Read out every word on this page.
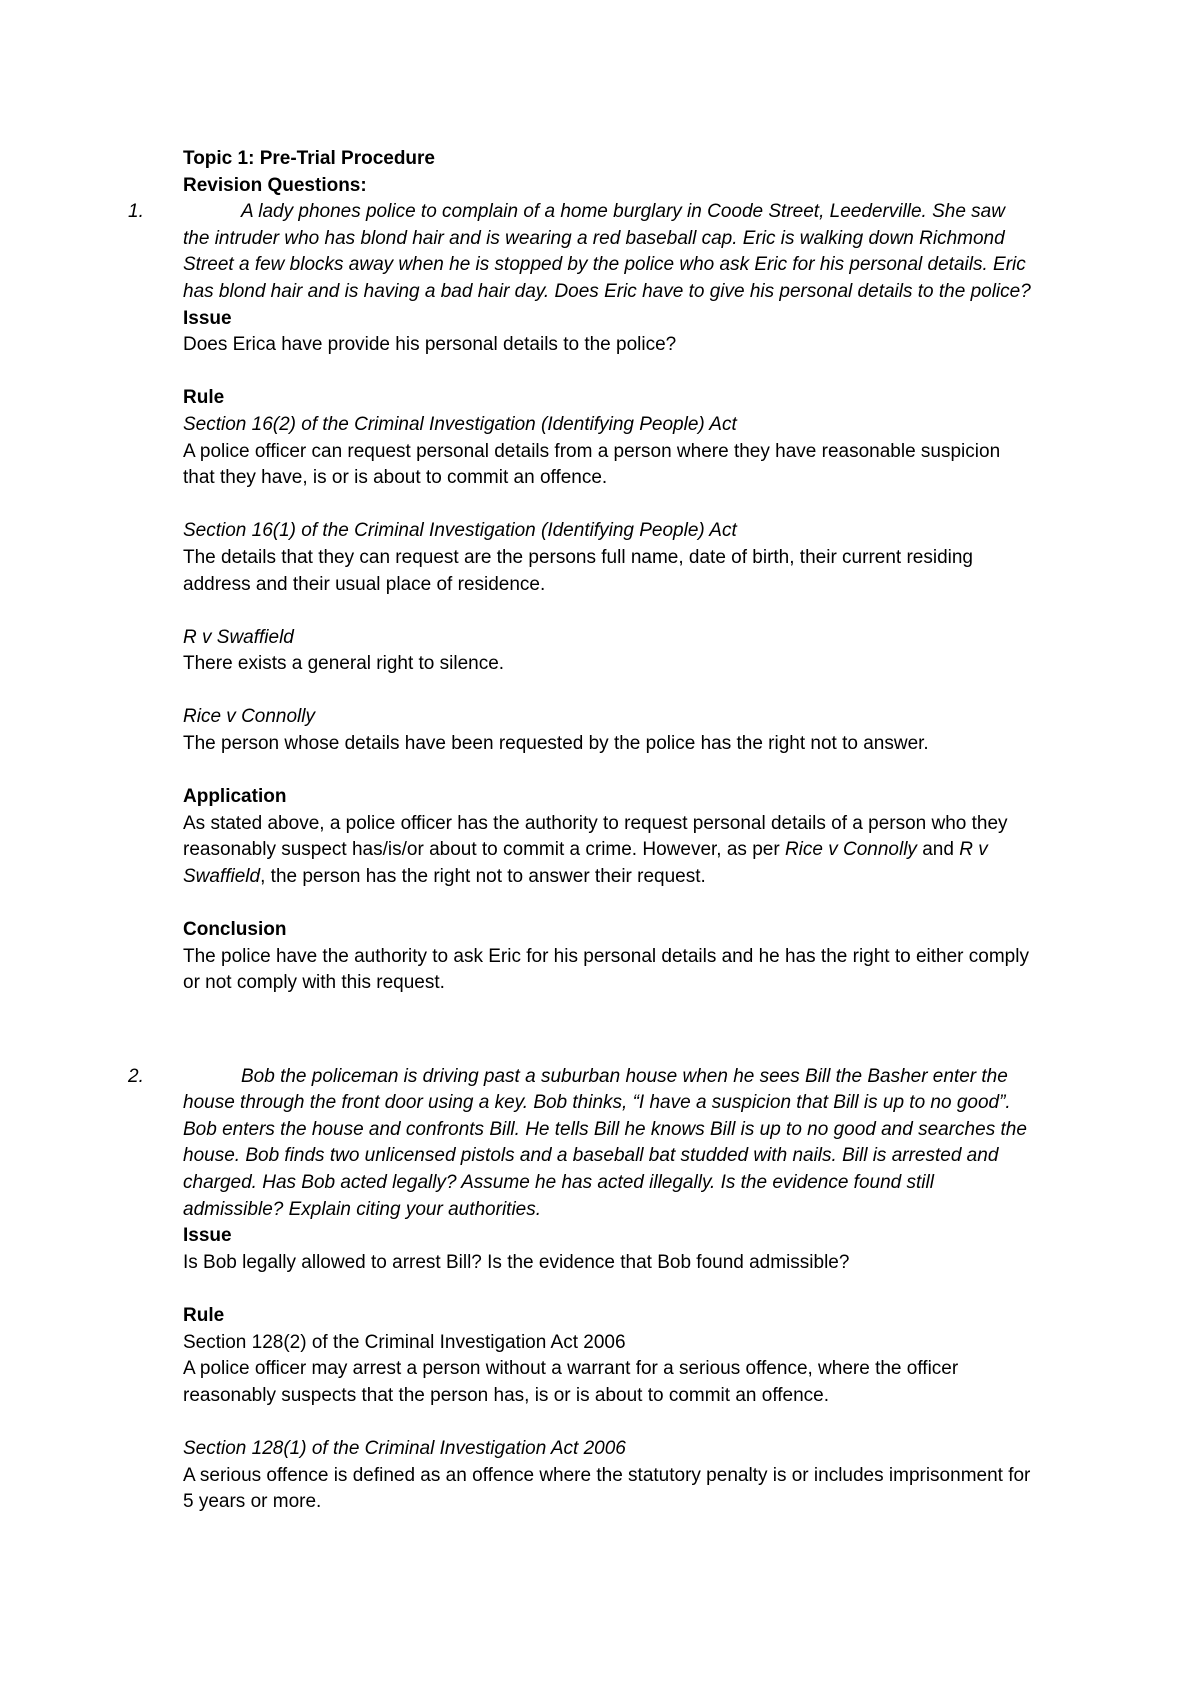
Topic 1: Pre-Trial Procedure

Revision Questions:

1.	A lady phones police to complain of a home burglary in Coode Street, Leederville. She saw the intruder who has blond hair and is wearing a red baseball cap. Eric is walking down Richmond Street a few blocks away when he is stopped by the police who ask Eric for his personal details. Eric has blond hair and is having a bad hair day. Does Eric have to give his personal details to the police?

Issue

Does Erica have provide his personal details to the police?

Rule

Section 16(2) of the Criminal Investigation (Identifying People) Act

A police officer can request personal details from a person where they have reasonable suspicion that they have, is or is about to commit an offence.

Section 16(1) of the Criminal Investigation (Identifying People) Act

The details that they can request are the persons full name, date of birth, their current residing address and their usual place of residence.

R v Swaffield

There exists a general right to silence.

Rice v Connolly

The person whose details have been requested by the police has the right not to answer.

Application

As stated above, a police officer has the authority to request personal details of a person who they reasonably suspect has/is/or about to commit a crime. However, as per Rice v Connolly and R v Swaffield, the person has the right not to answer their request.

Conclusion

The police have the authority to ask Eric for his personal details and he has the right to either comply or not comply with this request.

2.	Bob the policeman is driving past a suburban house when he sees Bill the Basher enter the house through the front door using a key. Bob thinks, “I have a suspicion that Bill is up to no good”. Bob enters the house and confronts Bill. He tells Bill he knows Bill is up to no good and searches the house. Bob finds two unlicensed pistols and a baseball bat studded with nails. Bill is arrested and charged. Has Bob acted legally? Assume he has acted illegally. Is the evidence found still admissible? Explain citing your authorities.

Issue

Is Bob legally allowed to arrest Bill? Is the evidence that Bob found admissible?

Rule

Section 128(2) of the Criminal Investigation Act 2006

A police officer may arrest a person without a warrant for a serious offence, where the officer reasonably suspects that the person has, is or is about to commit an offence.

Section 128(1) of the Criminal Investigation Act 2006

A serious offence is defined as an offence where the statutory penalty is or includes imprisonment for 5 years or more.
